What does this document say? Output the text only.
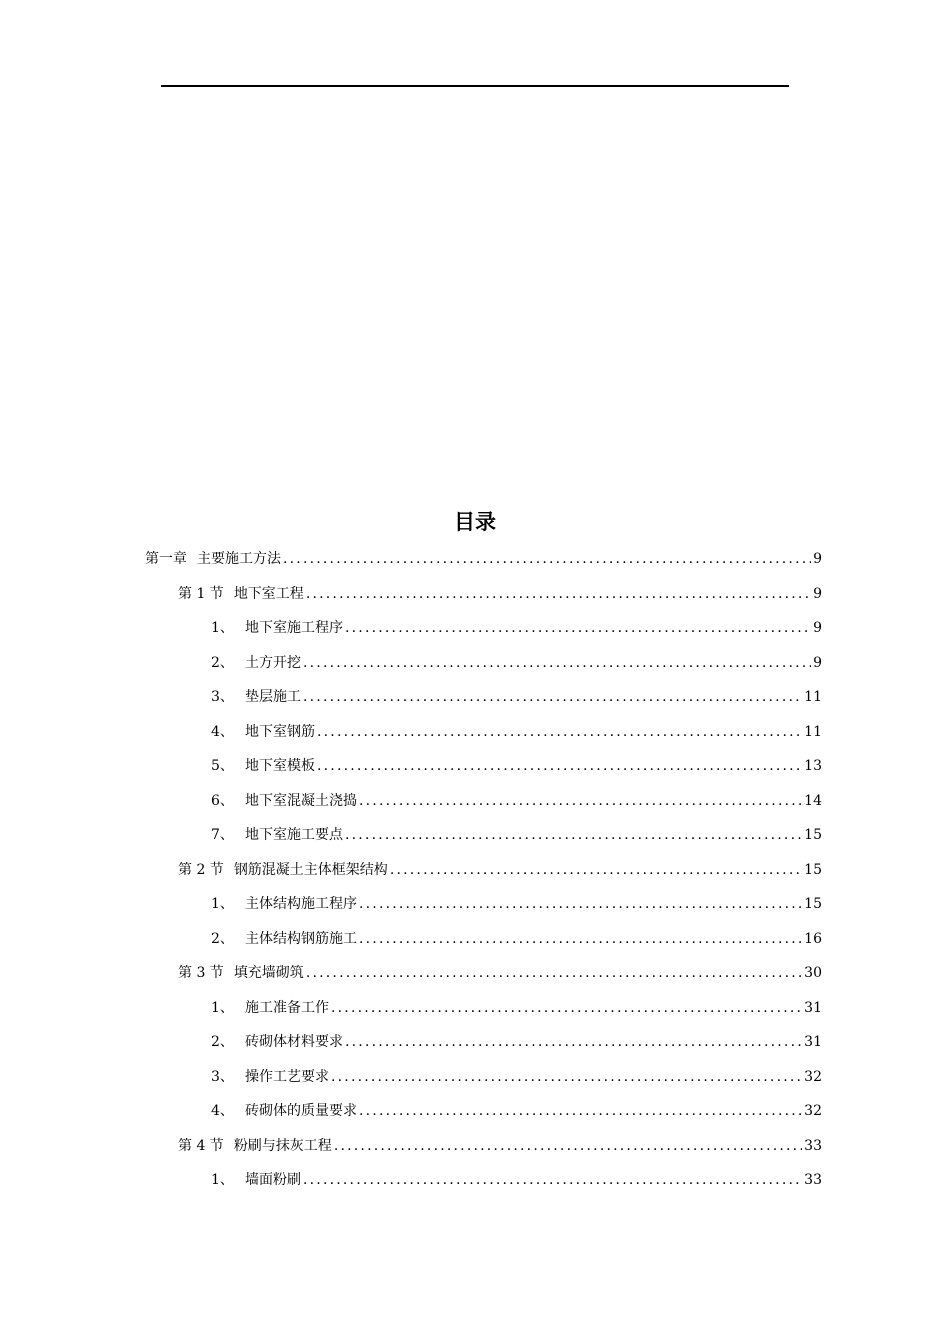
目录
第一章 主要施工方法 .....	9
第 1 节 地下室工程 .....	9
1、 地下室施工程序 .....	9
2、 土方开挖 .....	9
3、 垫层施工 .....	11
4、 地下室钢筋 .....	11
5、 地下室模板 .....	13
6、 地下室混凝土浇捣 .....	14
7、 地下室施工要点 .....	15
第 2 节 钢筋混凝土主体框架结构 .....	15
1、 主体结构施工程序 .....	15
2、 主体结构钢筋施工 .....	16
第 3 节 填充墙砌筑 .....	30
1、 施工准备工作 .....	31
2、 砖砌体材料要求 .....	31
3、 操作工艺要求 .....	32
4、 砖砌体的质量要求 .....	32
第 4 节 粉刷与抹灰工程 .....	33
1、 墙面粉刷 .....	33
